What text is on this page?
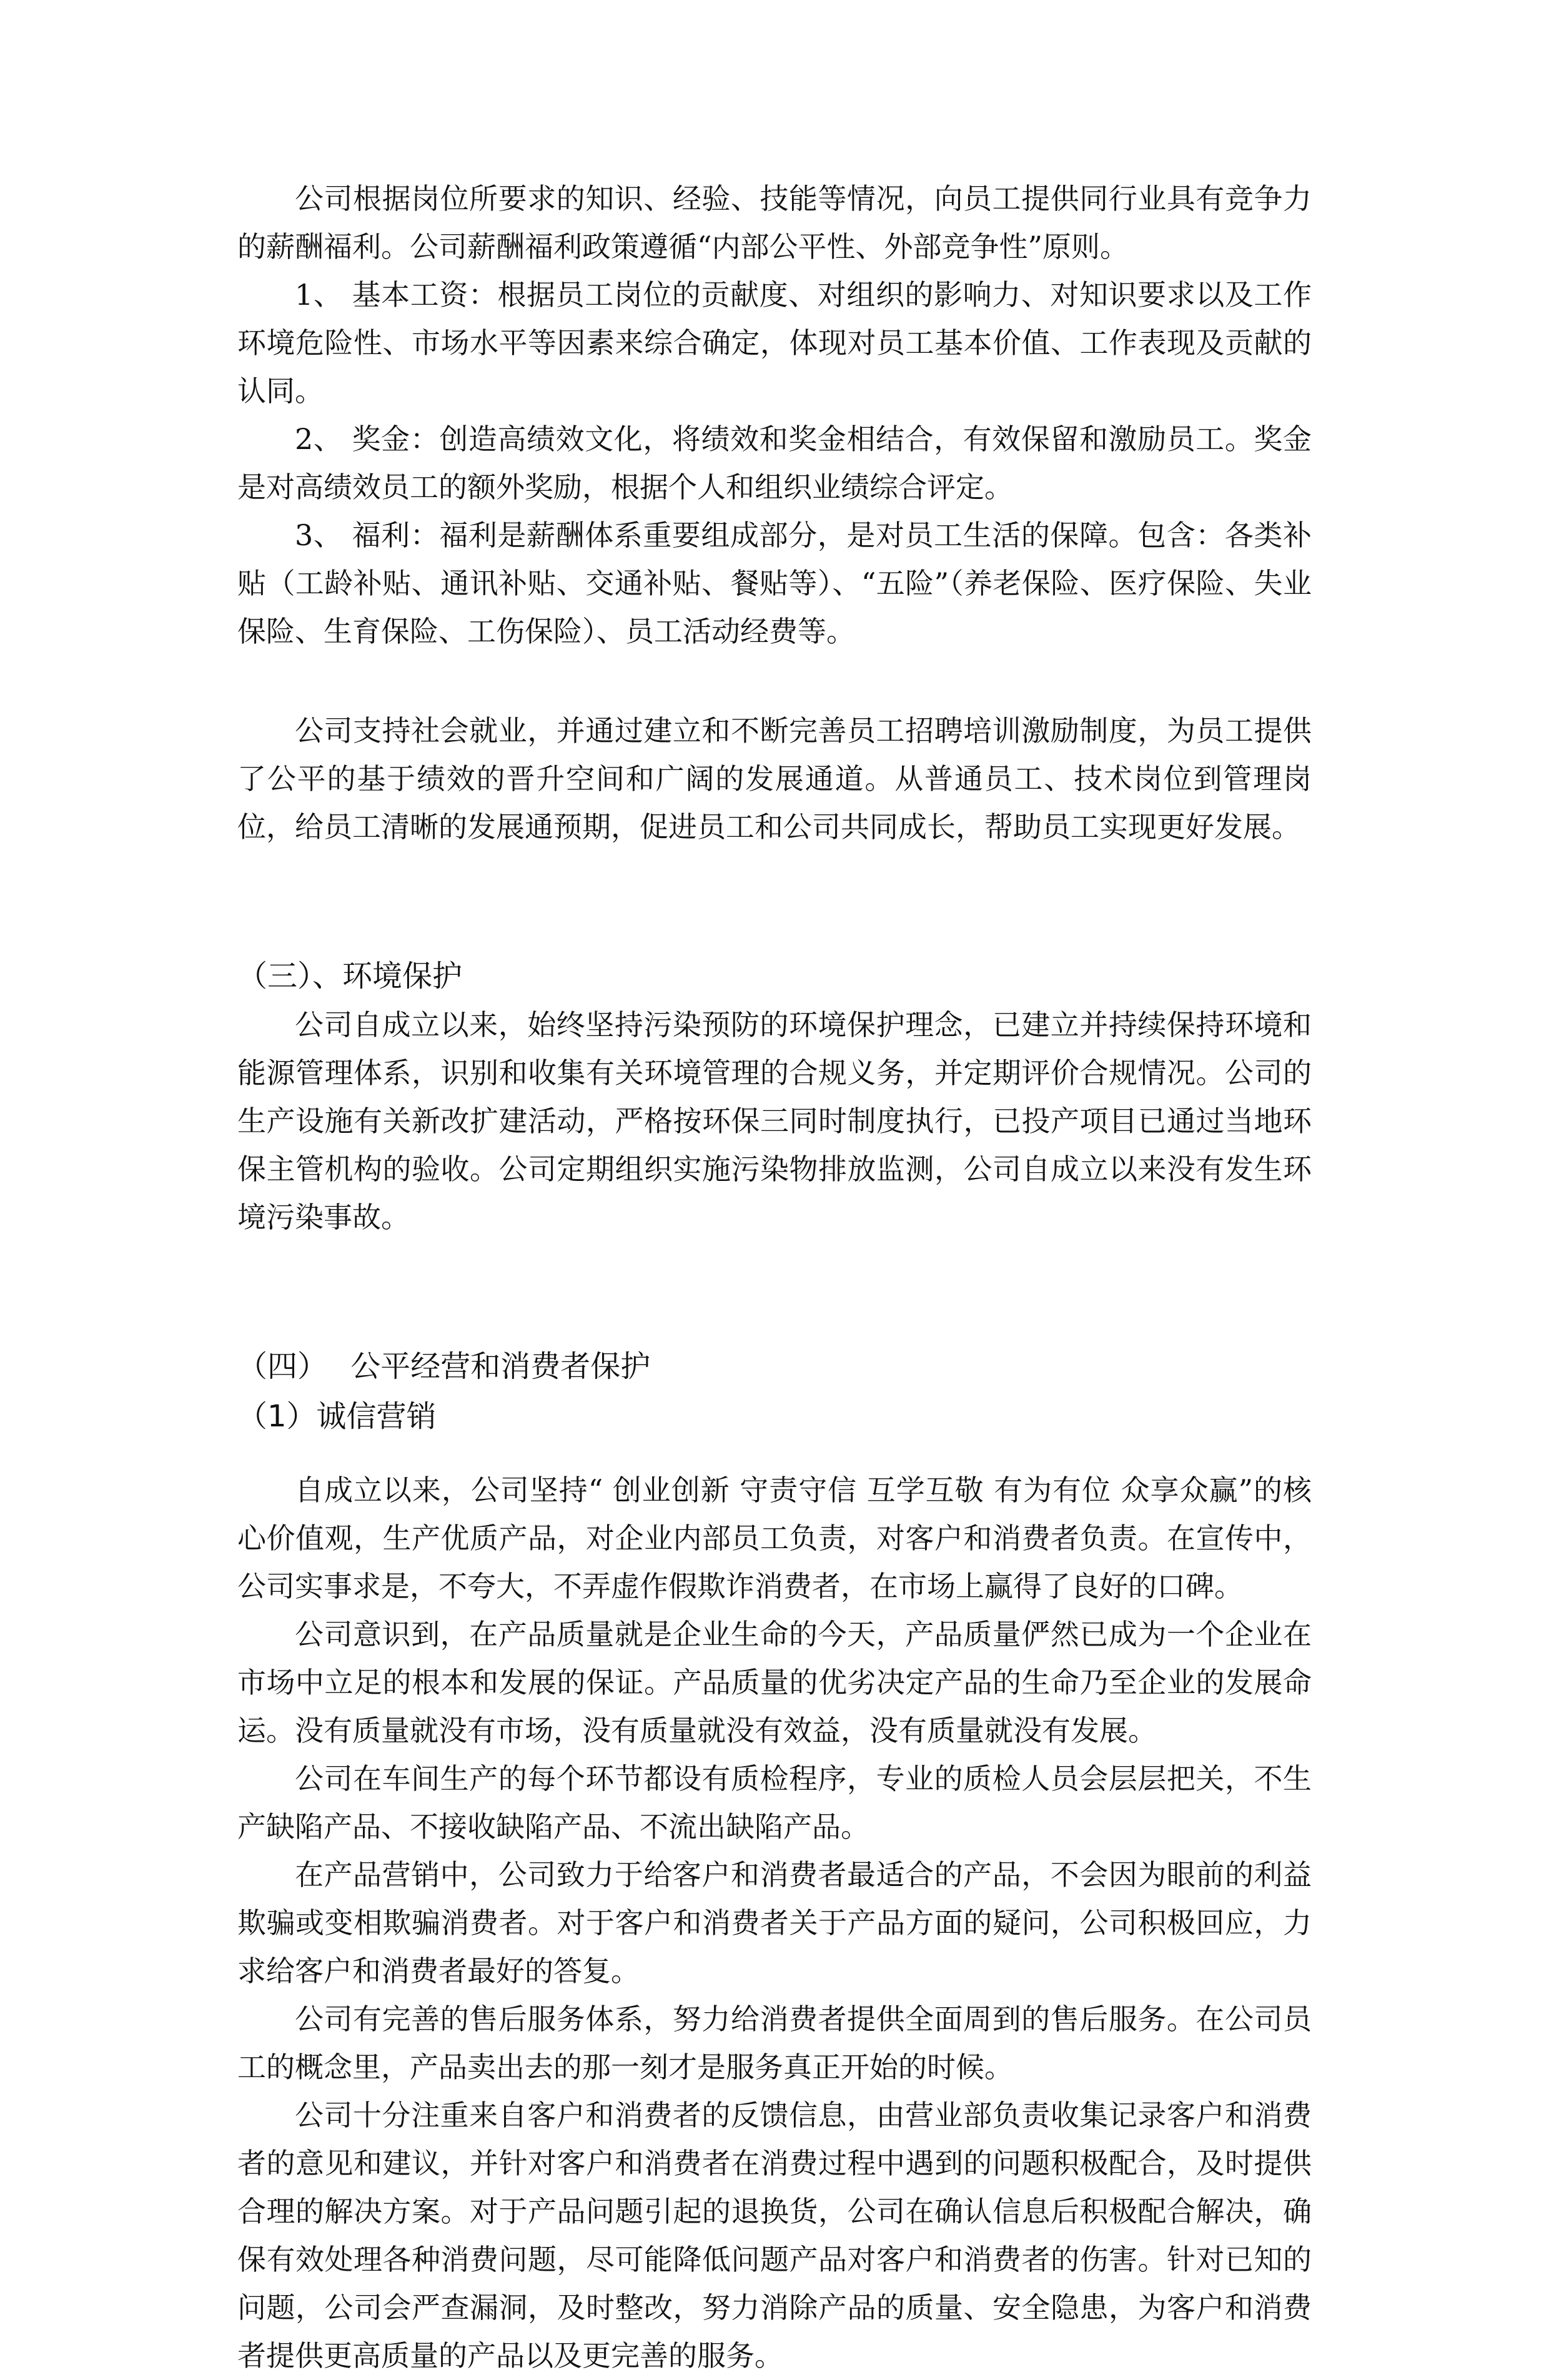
公司根据岗位所要求的知识、经验、技能等情况，向员工提供同行业具有竞争力的薪酬福利。公司薪酬福利政策遵循“内部公平性、外部竞争性”原则。

1、 基本工资：根据员工岗位的贡献度、对组织的影响力、对知识要求以及工作环境危险性、市场水平等因素来综合确定，体现对员工基本价值、工作表现及贡献的认同。

2、 奖金：创造高绩效文化，将绩效和奖金相结合，有效保留和激励员工。奖金是对高绩效员工的额外奖励，根据个人和组织业绩综合评定。

3、 福利：福利是薪酬体系重要组成部分，是对员工生活的保障。包含：各类补贴（工龄补贴、通讯补贴、交通补贴、餐贴等）、“五险”（养老保险、医疗保险、失业保险、生育保险、工伤保险）、员工活动经费等。

公司支持社会就业，并通过建立和不断完善员工招聘培训激励制度，为员工提供了公平的基于绩效的晋升空间和广阔的发展通道。从普通员工、技术岗位到管理岗位，给员工清晰的发展通预期，促进员工和公司共同成长，帮助员工实现更好发展。

（三）、环境保护

公司自成立以来，始终坚持污染预防的环境保护理念，已建立并持续保持环境和能源管理体系，识别和收集有关环境管理的合规义务，并定期评价合规情况。公司的生产设施有关新改扩建活动，严格按环保三同时制度执行，已投产项目已通过当地环保主管机构的验收。公司定期组织实施污染物排放监测，公司自成立以来没有发生环境污染事故。

（四） 公平经营和消费者保护
（1）诚信营销

自成立以来，公司坚持“ 创业创新 守责守信 互学互敬 有为有位 众享众赢”的核心价值观，生产优质产品，对企业内部员工负责，对客户和消费者负责。在宣传中，公司实事求是，不夸大，不弄虚作假欺诈消费者，在市场上赢得了良好的口碑。

公司意识到，在产品质量就是企业生命的今天，产品质量俨然已成为一个企业在市场中立足的根本和发展的保证。产品质量的优劣决定产品的生命乃至企业的发展命运。没有质量就没有市场，没有质量就没有效益，没有质量就没有发展。

公司在车间生产的每个环节都设有质检程序，专业的质检人员会层层把关，不生产缺陷产品、不接收缺陷产品、不流出缺陷产品。

在产品营销中，公司致力于给客户和消费者最适合的产品，不会因为眼前的利益欺骗或变相欺骗消费者。对于客户和消费者关于产品方面的疑问，公司积极回应，力求给客户和消费者最好的答复。

公司有完善的售后服务体系，努力给消费者提供全面周到的售后服务。在公司员工的概念里，产品卖出去的那一刻才是服务真正开始的时候。

公司十分注重来自客户和消费者的反馈信息，由营业部负责收集记录客户和消费者的意见和建议，并针对客户和消费者在消费过程中遇到的问题积极配合，及时提供合理的解决方案。对于产品问题引起的退换货，公司在确认信息后积极配合解决，确保有效处理各种消费问题，尽可能降低问题产品对客户和消费者的伤害。针对已知的问题，公司会严查漏洞，及时整改，努力消除产品的质量、安全隐患，为客户和消费者提供更高质量的产品以及更完善的服务。
